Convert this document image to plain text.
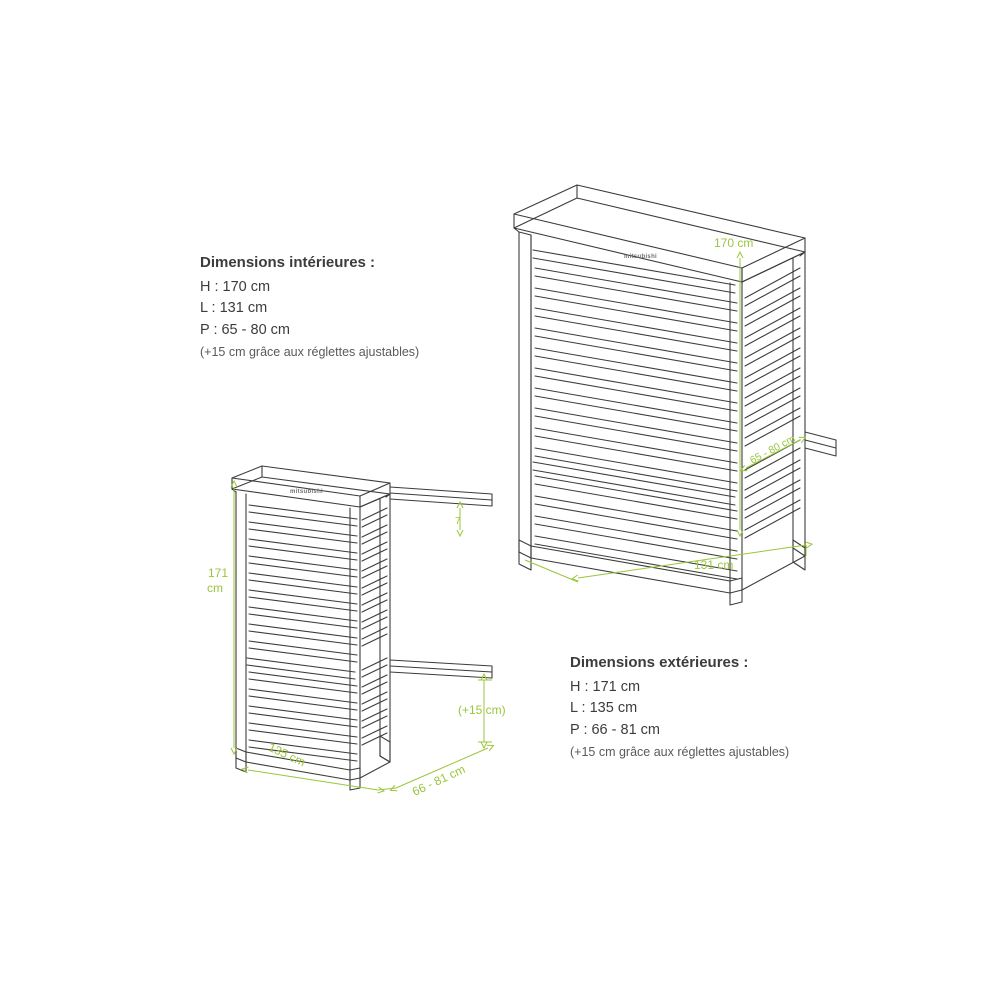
mitsubishi
mitsubishi
170 cm
131 cm
65 - 80 cm
171
cm
135 cm
66 - 81 cm
(+15 cm)
7
Dimensions intérieures :
H : 170 cm
L : 131 cm
P : 65 - 80 cm
(+15 cm grâce aux réglettes ajustables)
Dimensions extérieures :
H : 171 cm
L : 135 cm
P : 66 - 81 cm
(+15 cm grâce aux réglettes ajustables)
